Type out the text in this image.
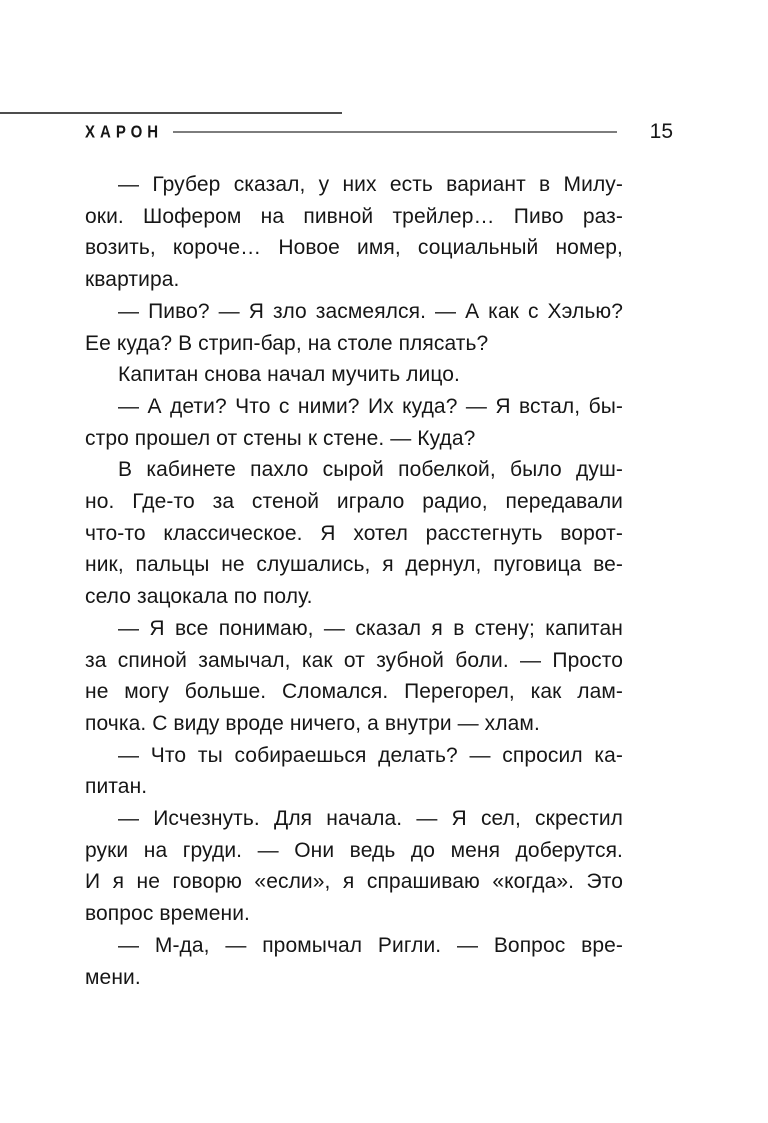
ХАРОН	15
— Грубер сказал, у них есть вариант в Милу-
оки. Шофером на пивной трейлер… Пиво раз-
возить, короче… Новое имя, социальный номер,
квартира.
— Пиво? — Я зло засмеялся. — А как с Хэлью?
Ее куда? В стрип-бар, на столе плясать?
Капитан снова начал мучить лицо.
— А дети? Что с ними? Их куда? — Я встал, бы-
стро прошел от стены к стене. — Куда?
В кабинете пахло сырой побелкой, было душ-
но. Где-то за стеной играло радио, передавали
что-то классическое. Я хотел расстегнуть ворот-
ник, пальцы не слушались, я дернул, пуговица ве-
село зацокала по полу.
— Я все понимаю, — сказал я в стену; капитан
за спиной замычал, как от зубной боли. — Просто
не могу больше. Сломался. Перегорел, как лам-
почка. С виду вроде ничего, а внутри — хлам.
— Что ты собираешься делать? — спросил ка-
питан.
— Исчезнуть. Для начала. — Я сел, скрестил
руки на груди. — Они ведь до меня доберутся.
И я не говорю «если», я спрашиваю «когда». Это
вопрос времени.
— М-да, — промычал Ригли. — Вопрос вре-
мени.
